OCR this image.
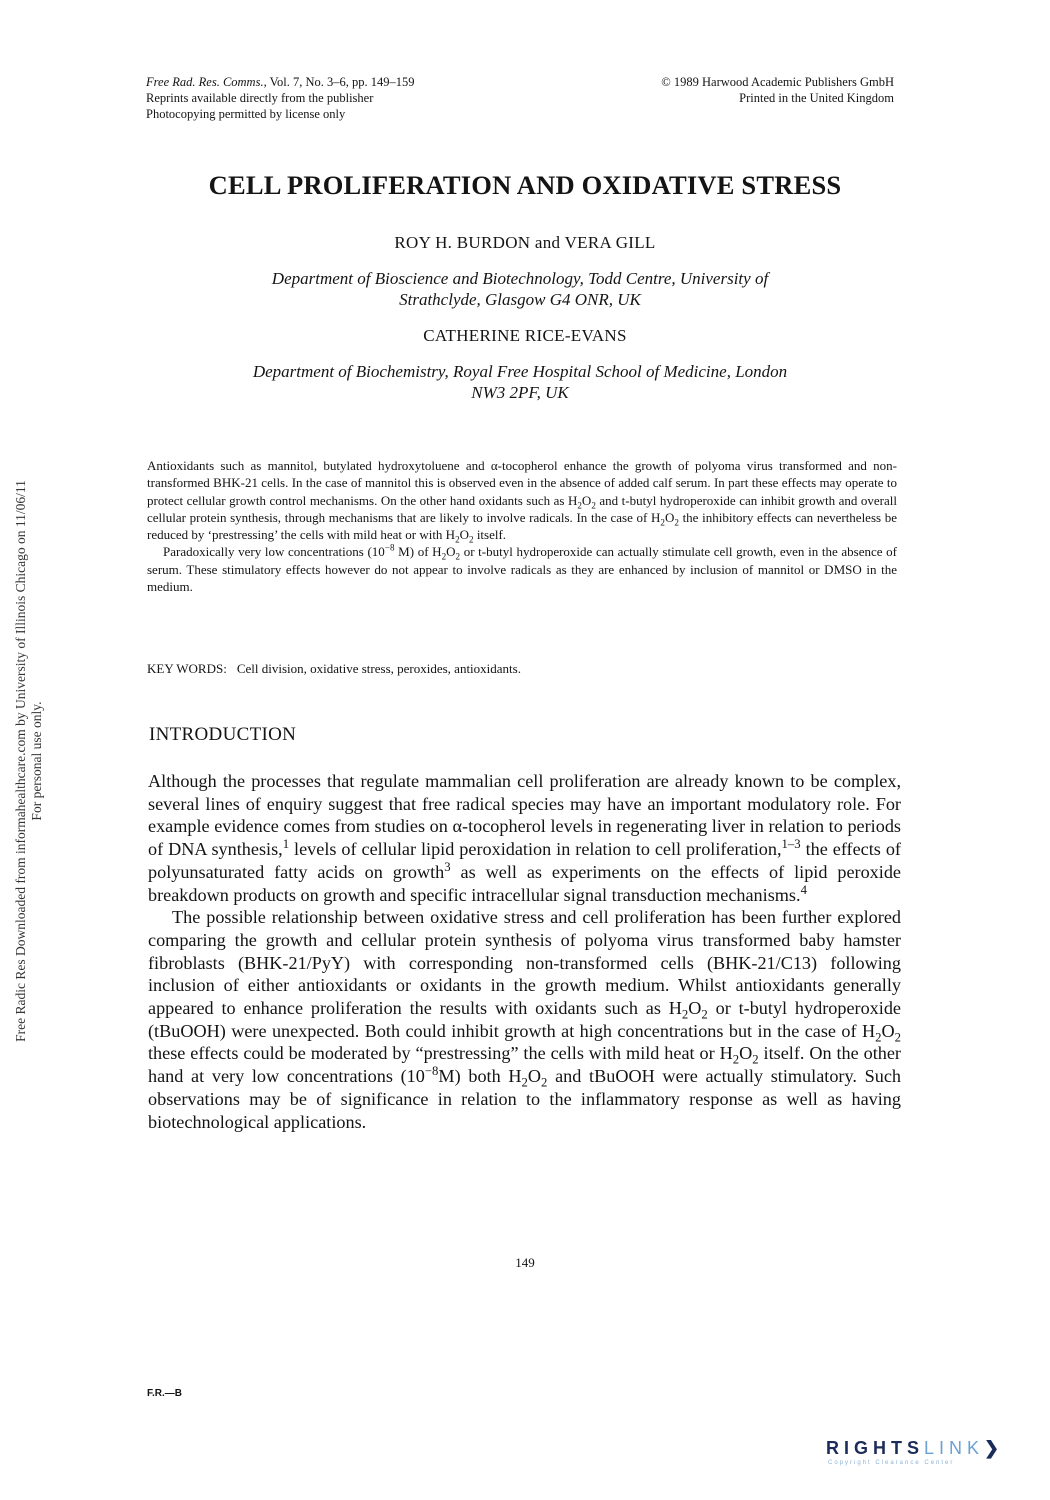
Free Rad. Res. Comms., Vol. 7, No. 3–6, pp. 149–159
Reprints available directly from the publisher
Photocopying permitted by license only
© 1989 Harwood Academic Publishers GmbH
Printed in the United Kingdom
CELL PROLIFERATION AND OXIDATIVE STRESS
ROY H. BURDON and VERA GILL
Department of Bioscience and Biotechnology, Todd Centre, University of
Strathclyde, Glasgow G4 ONR, UK
CATHERINE RICE-EVANS
Department of Biochemistry, Royal Free Hospital School of Medicine, London
NW3 2PF, UK

Antioxidants such as mannitol, butylated hydroxytoluene and α-tocopherol enhance the growth of polyoma virus transformed and non-transformed BHK-21 cells. In the case of mannitol this is observed even in the absence of added calf serum. In part these effects may operate to protect cellular growth control mechanisms. On the other hand oxidants such as $H_2O_2$ and t-butyl hydroperoxide can inhibit growth and overall cellular protein synthesis, through mechanisms that are likely to involve radicals. In the case of $H_2O_2$ the inhibitory effects can nevertheless be reduced by ‘prestressing’ the cells with mild heat or with $H_2O_2$ itself.

Paradoxically very low concentrations ($10^{-8}$ M) of $H_2O_2$ or t-butyl hydroperoxide can actually stimulate cell growth, even in the absence of serum. These stimulatory effects however do not appear to involve radicals as they are enhanced by inclusion of mannitol or DMSO in the medium.

KEY WORDS: Cell division, oxidative stress, peroxides, antioxidants.
INTRODUCTION

Although the processes that regulate mammalian cell proliferation are already known to be complex, several lines of enquiry suggest that free radical species may have an important modulatory role. For example evidence comes from studies on α-tocopherol levels in regenerating liver in relation to periods of DNA synthesis,$^1$ levels of cellular lipid peroxidation in relation to cell proliferation,$^{1-3}$ the effects of polyunsaturated fatty acids on growth$^3$ as well as experiments on the effects of lipid peroxide breakdown products on growth and specific intracellular signal transduction mechanisms.$^4$

The possible relationship between oxidative stress and cell proliferation has been further explored comparing the growth and cellular protein synthesis of polyoma virus transformed baby hamster fibroblasts (BHK-21/PyY) with corresponding non-transformed cells (BHK-21/C13) following inclusion of either antioxidants or oxidants in the growth medium. Whilst antioxidants generally appeared to enhance proliferation the results with oxidants such as $H_2O_2$ or t-butyl hydroperoxide (tBuOOH) were unexpected. Both could inhibit growth at high concentrations but in the case of $H_2O_2$ these effects could be moderated by “prestressing” the cells with mild heat or $H_2O_2$ itself. On the other hand at very low concentrations $(10^{-8}M)$ both $H_2O_2$ and tBuOOH were actually stimulatory. Such observations may be of significance in relation to the inflammatory response as well as having biotechnological applications.

149
F.R.—B
Free Radic Res Downloaded from informahealthcare.com by University of Illinois Chicago on 11/06/11 For personal use only.
RIGHTSLINK❯
Copyright Clearance Center
